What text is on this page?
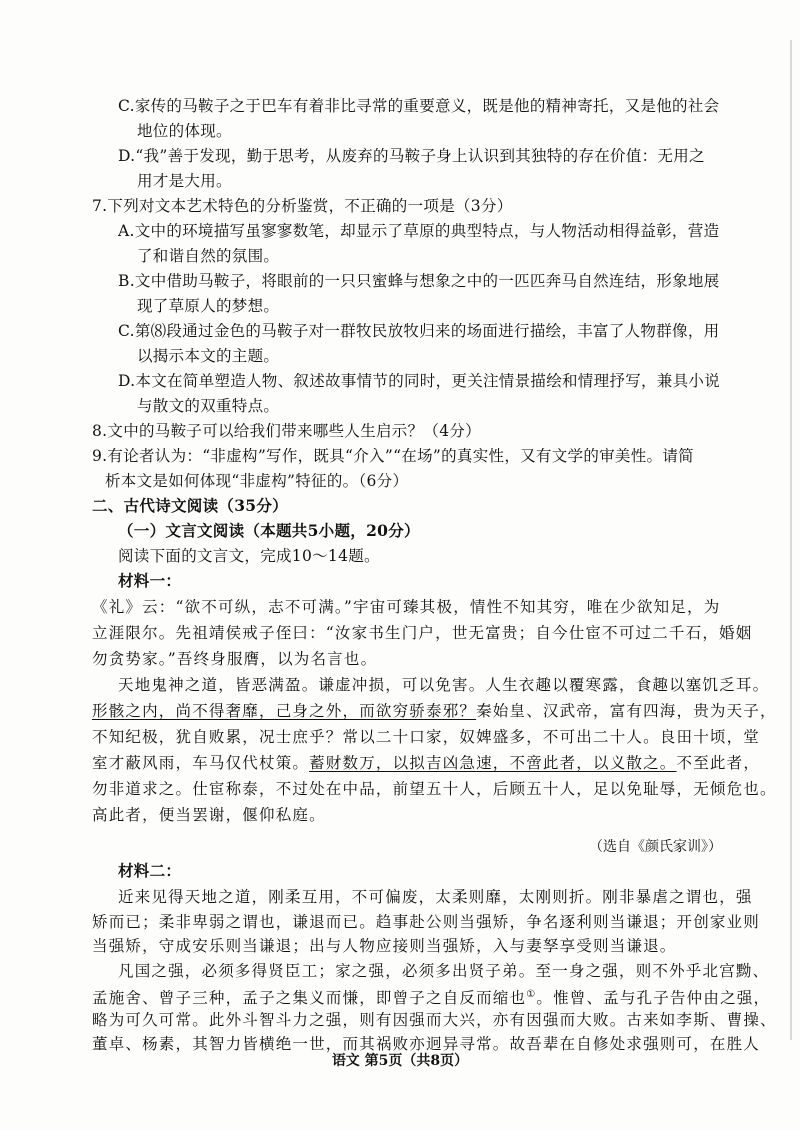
C.家传的马鞍子之于巴车有着非比寻常的重要意义，既是他的精神寄托，又是他的社会
地位的体现。
D.“我”善于发现，勤于思考，从废弃的马鞍子身上认识到其独特的存在价值：无用之
用才是大用。
7.下列对文本艺术特色的分析鉴赏，不正确的一项是（3分）
A.文中的环境描写虽寥寥数笔，却显示了草原的典型特点，与人物活动相得益彰，营造
了和谐自然的氛围。
B.文中借助马鞍子，将眼前的一只只蜜蜂与想象之中的一匹匹奔马自然连结，形象地展
现了草原人的梦想。
C.第⑻段通过金色的马鞍子对一群牧民放牧归来的场面进行描绘，丰富了人物群像，用
以揭示本文的主题。
D.本文在简单塑造人物、叙述故事情节的同时，更关注情景描绘和情理抒写，兼具小说
与散文的双重特点。
8.文中的马鞍子可以给我们带来哪些人生启示？（4分）
9.有论者认为：“非虚构”写作，既具“介入”“在场”的真实性，又有文学的审美性。请简
析本文是如何体现“非虚构”特征的。（6分）
二、古代诗文阅读（35分）
（一）文言文阅读（本题共5小题，20分）
阅读下面的文言文，完成10～14题。
材料一：
《礼》云：“欲不可纵，志不可满。”宇宙可臻其极，情性不知其穷，唯在少欲知足，为
立涯限尔。先祖靖侯戒子侄曰：“汝家书生门户，世无富贵；自今仕宦不可过二千石，婚姻
勿贪势家。”吾终身服膺，以为名言也。
天地鬼神之道，皆恶满盈。谦虚冲损，可以免害。人生衣趣以覆寒露，食趣以塞饥乏耳。
形骸之内，尚不得奢靡，己身之外，而欲穷骄泰邪？秦始皇、汉武帝，富有四海，贵为天子，
不知纪极，犹自败累，况士庶乎？常以二十口家，奴婢盛多，不可出二十人。良田十顷，堂
室才蔽风雨，车马仅代杖策。蓄财数万，以拟吉凶急速，不啻此者，以义散之。不至此者，
勿非道求之。仕宦称泰，不过处在中品，前望五十人，后顾五十人，足以免耻辱，无倾危也。
高此者，便当罢谢，偃仰私庭。
（选自《颜氏家训》）
材料二：
近来见得天地之道，刚柔互用，不可偏废，太柔则靡，太刚则折。刚非暴虐之谓也，强
矫而已；柔非卑弱之谓也，谦退而已。趋事赴公则当强矫，争名逐利则当谦退；开创家业则
当强矫，守成安乐则当谦退；出与人物应接则当强矫，入与妻孥享受则当谦退。
凡国之强，必须多得贤臣工；家之强，必须多出贤子弟。至一身之强，则不外乎北宫黝、
孟施舍、曾子三种，孟子之集义而慊，即曾子之自反而缩也①。惟曾、孟与孔子告仲由之强，
略为可久可常。此外斗智斗力之强，则有因强而大兴，亦有因强而大败。古来如李斯、曹操、
语文 第5页（共8页）
董卓、杨素，其智力皆横绝一世，而其祸败亦迥异寻常。故吾辈在自修处求强则可，在胜人
